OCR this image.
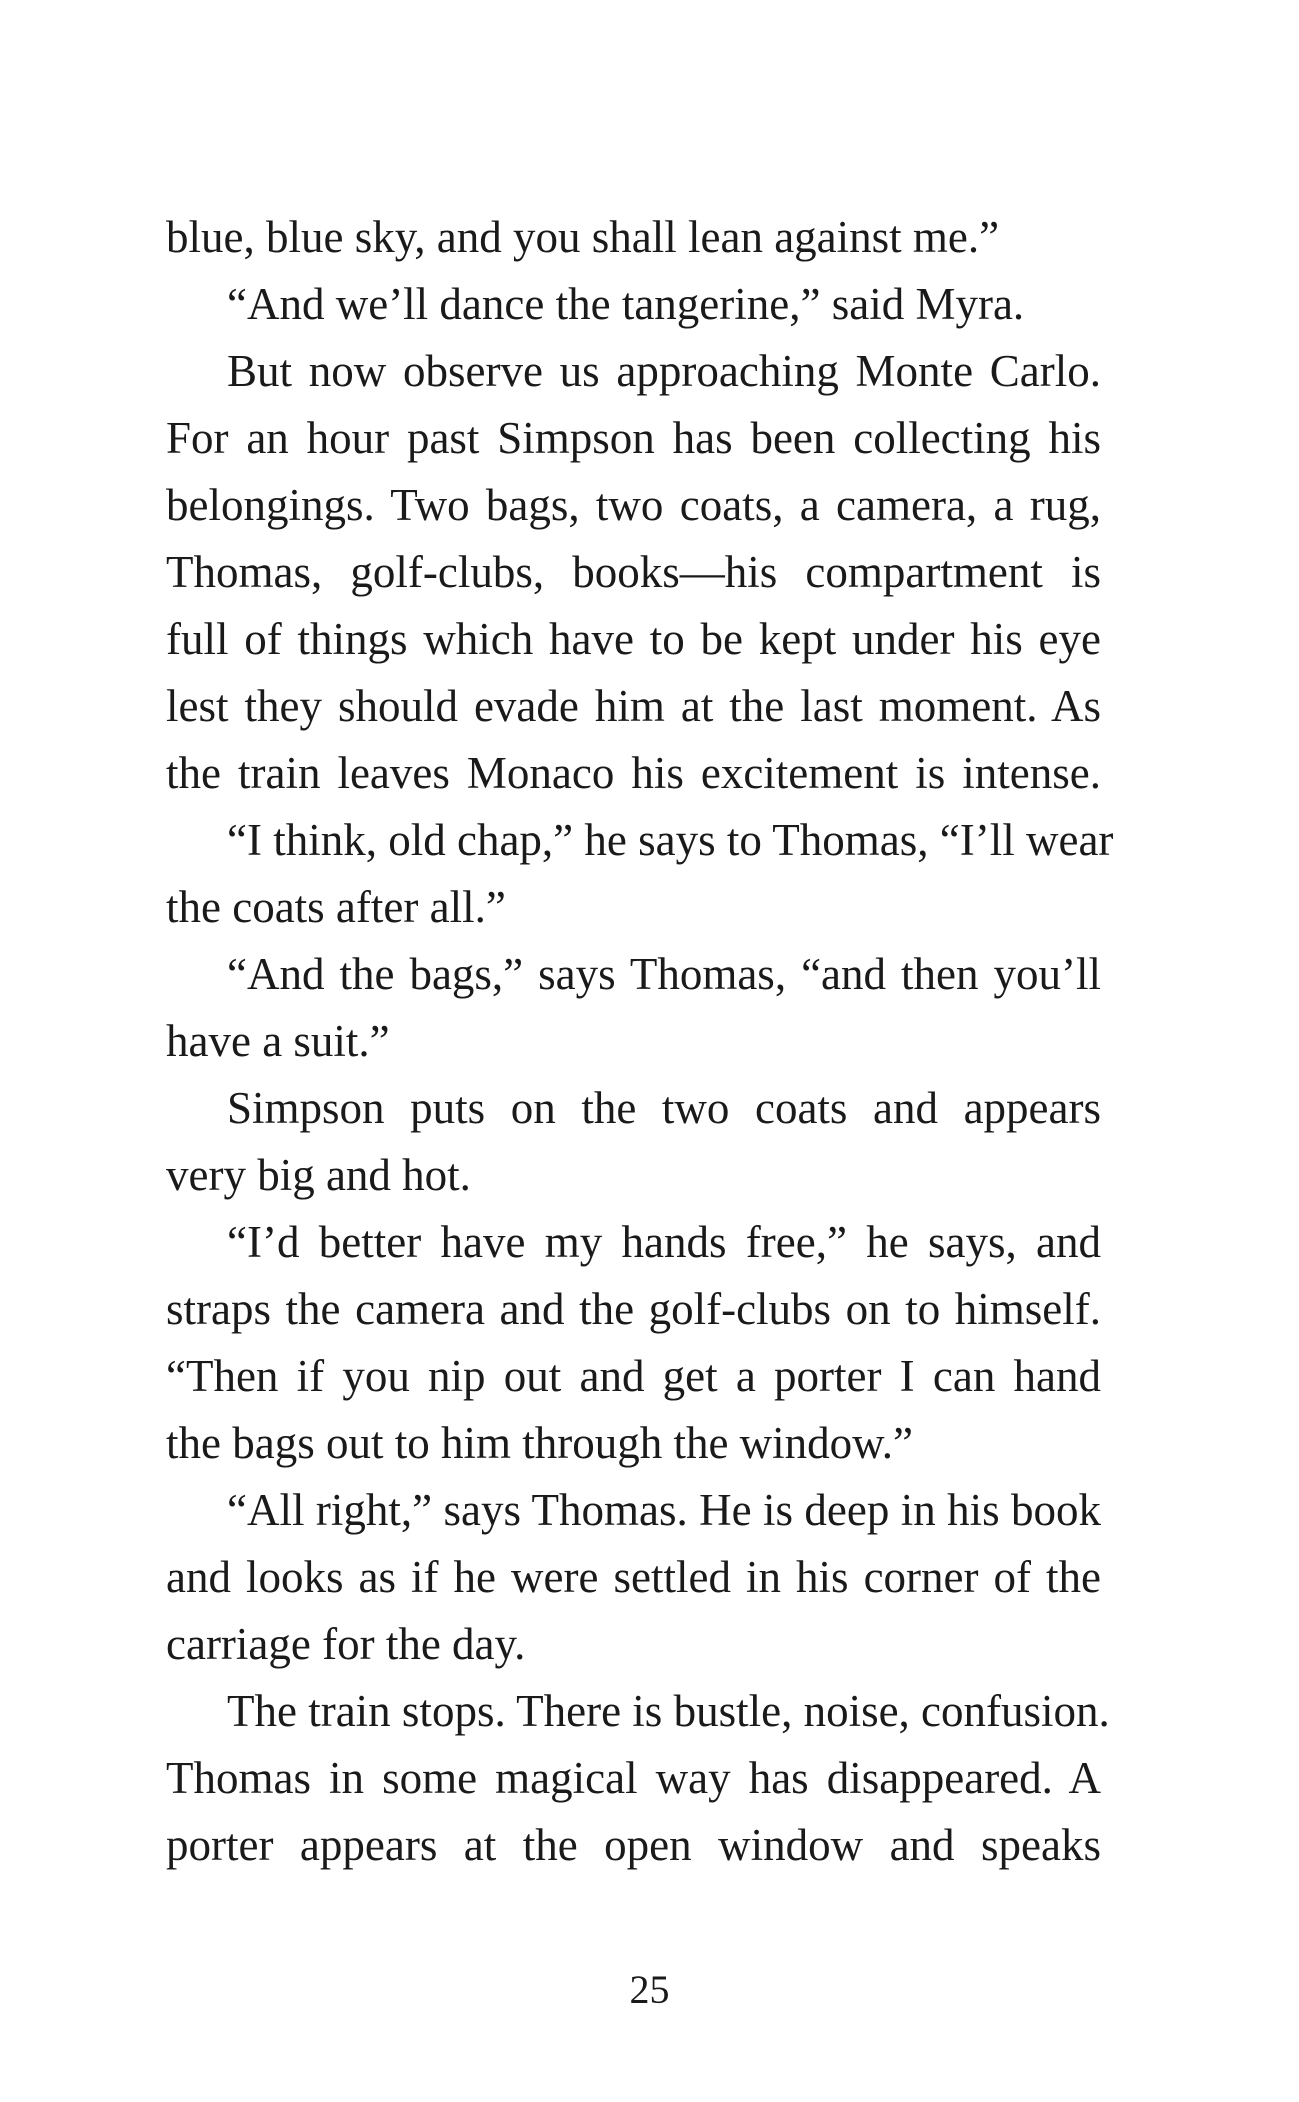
blue, blue sky, and you shall lean against me.”
“And we’ll dance the tangerine,” said Myra.
But now observe us approaching Monte Carlo.
For an hour past Simpson has been collecting his
belongings. Two bags, two coats, a camera, a rug,
Thomas, golf-clubs, books—his compartment is
full of things which have to be kept under his eye
lest they should evade him at the last moment. As
the train leaves Monaco his excitement is intense.
“I think, old chap,” he says to Thomas, “I’ll wear
the coats after all.”
“And the bags,” says Thomas, “and then you’ll
have a suit.”
Simpson puts on the two coats and appears
very big and hot.
“I’d better have my hands free,” he says, and
straps the camera and the golf-clubs on to himself.
“Then if you nip out and get a porter I can hand
the bags out to him through the window.”
“All right,” says Thomas. He is deep in his book
and looks as if he were settled in his corner of the
carriage for the day.
The train stops. There is bustle, noise, confusion.
Thomas in some magical way has disappeared. A
porter appears at the open window and speaks
25
